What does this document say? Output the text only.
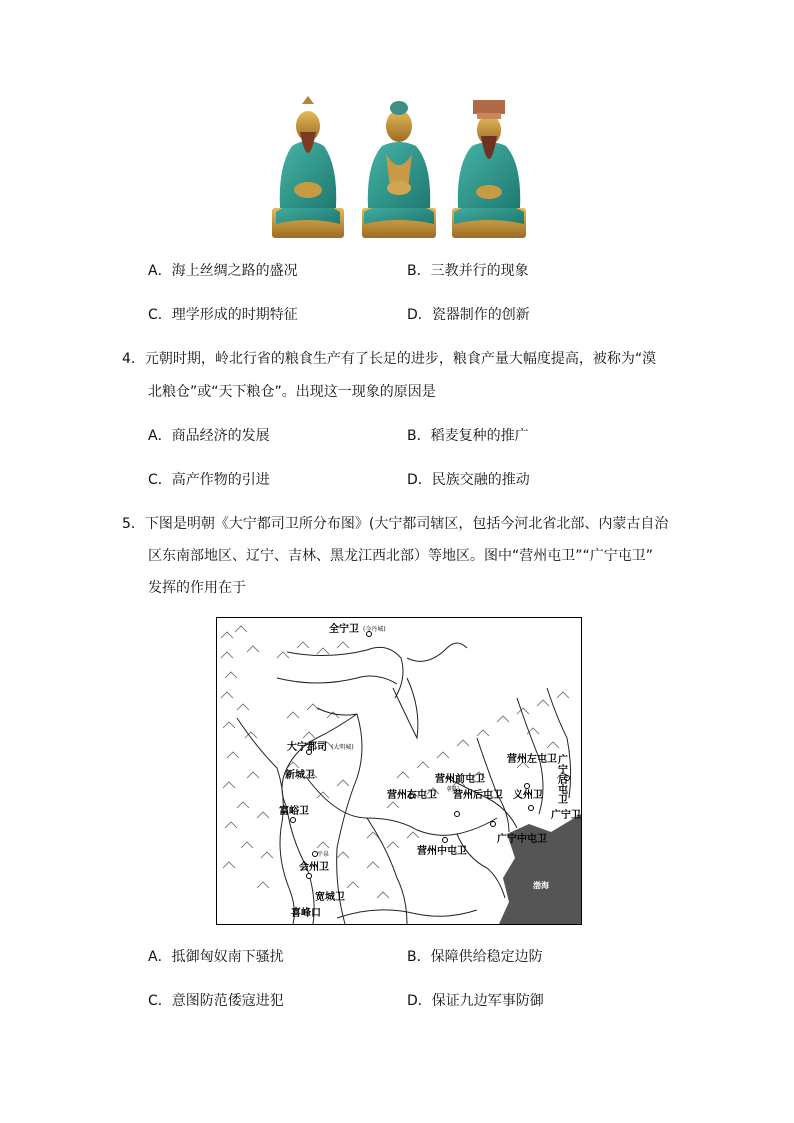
A．海上丝绸之路的盛况	B．三教并行的现象
C．理学形成的时期特征	D．瓷器制作的创新
4．元朝时期，岭北行省的粮食生产有了长足的进步，粮食产量大幅度提高，被称为“漠
北粮仓”或“天下粮仓”。出现这一现象的原因是
A．商品经济的发展	B．稻麦复种的推广
C．高产作物的引进	D．民族交融的推动
5．下图是明朝《大宁都司卫所分布图》(大宁都司辖区，包括今河北省北部、内蒙古自治
区东南部地区、辽宁、吉林、黑龙江西北部）等地区。图中“营州屯卫”“广宁屯卫”
发挥的作用在于
全宁卫 (今丹城)
大宁都司 (大明城)
新城卫
富峪卫
会州卫
平泉
宽城卫
喜峰口
营州前屯卫
朝阳
营州右屯卫 营州后屯卫
营州左屯卫
营州中屯卫
义州卫
广宁中屯卫
广宁卫
广宁后屯卫
渤海
A．抵御匈奴南下骚扰	B．保障供给稳定边防
C．意图防范倭寇进犯	D．保证九边军事防御
